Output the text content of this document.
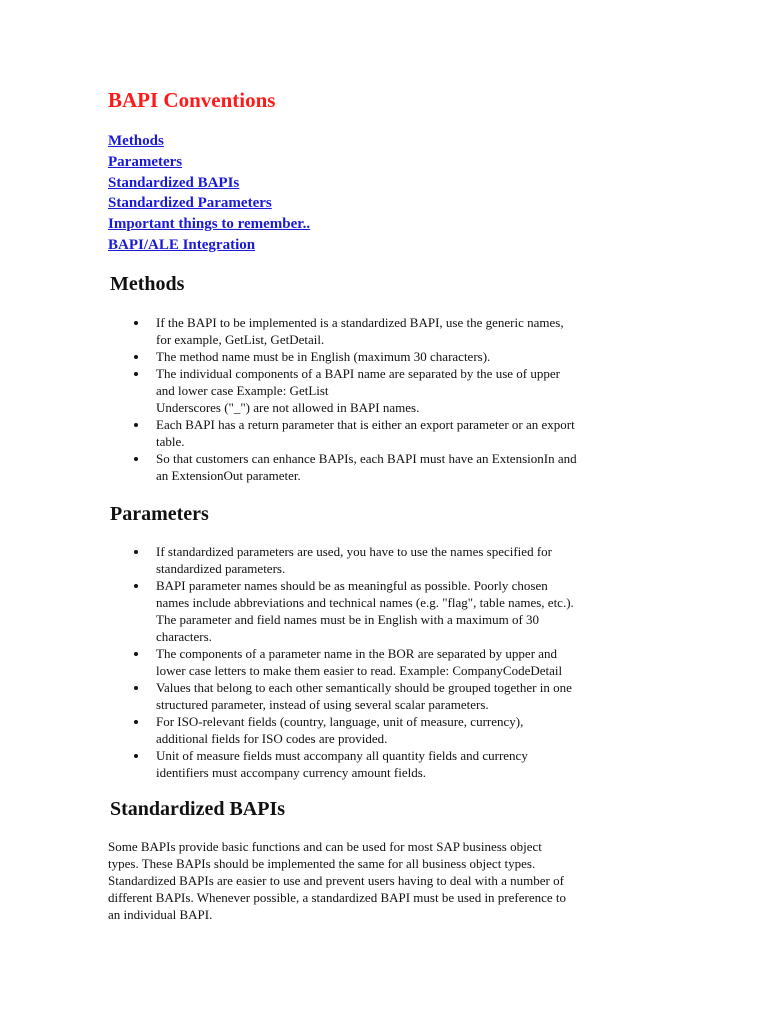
BAPI Conventions
Methods
Parameters
Standardized BAPIs
Standardized Parameters
Important things to remember..
BAPI/ALE Integration
Methods
If the BAPI to be implemented is a standardized BAPI, use the generic names,
for example, GetList, GetDetail.
The method name must be in English (maximum 30 characters).
The individual components of a BAPI name are separated by the use of upper
and lower case Example: GetList
Underscores ("_") are not allowed in BAPI names.
Each BAPI has a return parameter that is either an export parameter or an export
table.
So that customers can enhance BAPIs, each BAPI must have an ExtensionIn and
an ExtensionOut parameter.
Parameters
If standardized parameters are used, you have to use the names specified for
standardized parameters.
BAPI parameter names should be as meaningful as possible. Poorly chosen
names include abbreviations and technical names (e.g. "flag", table names, etc.).
The parameter and field names must be in English with a maximum of 30
characters.
The components of a parameter name in the BOR are separated by upper and
lower case letters to make them easier to read. Example: CompanyCodeDetail
Values that belong to each other semantically should be grouped together in one
structured parameter, instead of using several scalar parameters.
For ISO-relevant fields (country, language, unit of measure, currency),
additional fields for ISO codes are provided.
Unit of measure fields must accompany all quantity fields and currency
identifiers must accompany currency amount fields.
Standardized BAPIs

Some BAPIs provide basic functions and can be used for most SAP business object
types. These BAPIs should be implemented the same for all business object types.
Standardized BAPIs are easier to use and prevent users having to deal with a number of
different BAPIs. Whenever possible, a standardized BAPI must be used in preference to
an individual BAPI.
